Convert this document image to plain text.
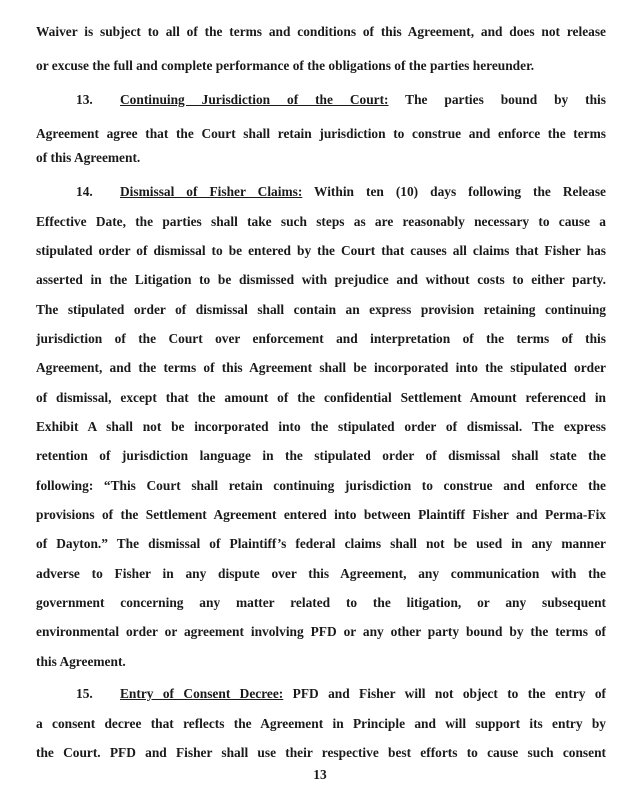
Waiver is subject to all of the terms and conditions of this Agreement, and does not release
or excuse the full and complete performance of the obligations of the parties hereunder.
13. Continuing Jurisdiction of the Court: The parties bound by this
Agreement agree that the Court shall retain jurisdiction to construe and enforce the terms
of this Agreement.
14. Dismissal of Fisher Claims: Within ten (10) days following the Release
Effective Date, the parties shall take such steps as are reasonably necessary to cause a
stipulated order of dismissal to be entered by the Court that causes all claims that Fisher has
asserted in the Litigation to be dismissed with prejudice and without costs to either party.
The stipulated order of dismissal shall contain an express provision retaining continuing
jurisdiction of the Court over enforcement and interpretation of the terms of this
Agreement, and the terms of this Agreement shall be incorporated into the stipulated order
of dismissal, except that the amount of the confidential Settlement Amount referenced in
Exhibit A shall not be incorporated into the stipulated order of dismissal. The express
retention of jurisdiction language in the stipulated order of dismissal shall state the
following: “This Court shall retain continuing jurisdiction to construe and enforce the
provisions of the Settlement Agreement entered into between Plaintiff Fisher and Perma-Fix
of Dayton.” The dismissal of Plaintiff’s federal claims shall not be used in any manner
adverse to Fisher in any dispute over this Agreement, any communication with the
government concerning any matter related to the litigation, or any subsequent
environmental order or agreement involving PFD or any other party bound by the terms of
this Agreement.
15. Entry of Consent Decree: PFD and Fisher will not object to the entry of
a consent decree that reflects the Agreement in Principle and will support its entry by
the Court. PFD and Fisher shall use their respective best efforts to cause such consent
13
